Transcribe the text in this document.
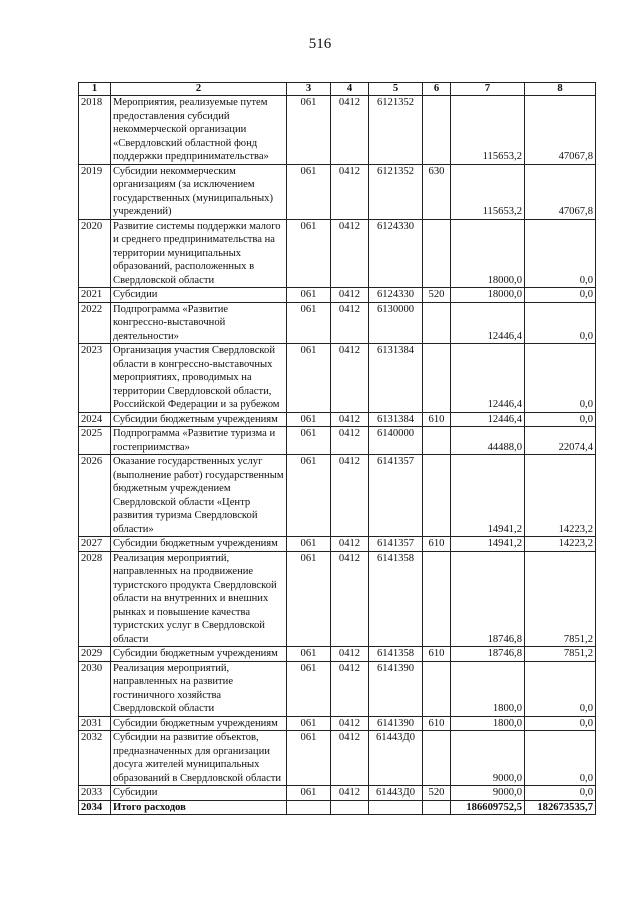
516
1	2	3	4	5	6	7	8
2018	Мероприятия, реализуемые путем предоставления субсидий некоммерческой организации «Свердловский областной фонд поддержки предпринимательства»	061	0412	6121352		115653,2	47067,8
2019	Субсидии некоммерческим организациям (за исключением государственных (муниципальных) учреждений)	061	0412	6121352	630	115653,2	47067,8
2020	Развитие системы поддержки малого и среднего предпринимательства на территории муниципальных образований, расположенных в Свердловской области	061	0412	6124330		18000,0	0,0
2021	Субсидии	061	0412	6124330	520	18000,0	0,0
2022	Подпрограмма «Развитие конгрессно-выставочной деятельности»	061	0412	6130000		12446,4	0,0
2023	Организация участия Свердловской области в конгрессно-выставочных мероприятиях, проводимых на территории Свердловской области, Российской Федерации и за рубежом	061	0412	6131384		12446,4	0,0
2024	Субсидии бюджетным учреждениям	061	0412	6131384	610	12446,4	0,0
2025	Подпрограмма «Развитие туризма и гостеприимства»	061	0412	6140000		44488,0	22074,4
2026	Оказание государственных услуг (выполнение работ) государственным бюджетным учреждением Свердловской области «Центр развития туризма Свердловской области»	061	0412	6141357		14941,2	14223,2
2027	Субсидии бюджетным учреждениям	061	0412	6141357	610	14941,2	14223,2
2028	Реализация мероприятий, направленных на продвижение туристского продукта Свердловской области на внутренних и внешних рынках и повышение качества туристских услуг в Свердловской области	061	0412	6141358		18746,8	7851,2
2029	Субсидии бюджетным учреждениям	061	0412	6141358	610	18746,8	7851,2
2030	Реализация мероприятий, направленных на развитие гостиничного хозяйства Свердловской области	061	0412	6141390		1800,0	0,0
2031	Субсидии бюджетным учреждениям	061	0412	6141390	610	1800,0	0,0
2032	Субсидии на развитие объектов, предназначенных для организации досуга жителей муниципальных образований в Свердловской области	061	0412	61443Д0		9000,0	0,0
2033	Субсидии	061	0412	61443Д0	520	9000,0	0,0
2034	Итого расходов					186609752,5	182673535,7
